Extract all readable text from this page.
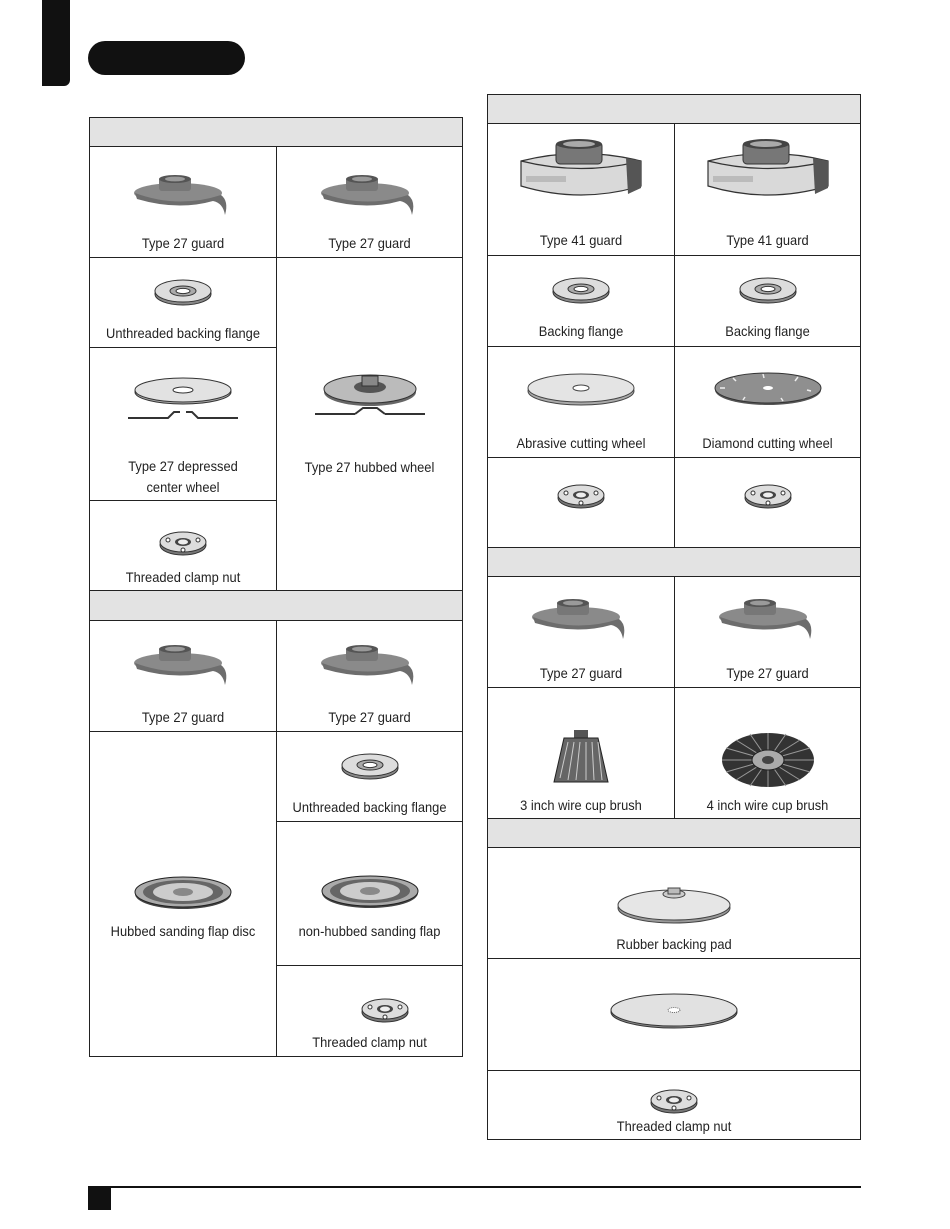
Type 27 guard	Type 27 guard
Unthreaded backing flange
Type 27 hubbed wheel
Type 27 depressed center wheel
Threaded clamp nut
Type 27 guard	Type 27 guard
Hubbed sanding flap disc
Unthreaded backing flange
non-hubbed sanding flap
Threaded clamp nut
Type 41 guard	Type 41 guard
Backing flange	Backing flange
Abrasive cutting wheel	Diamond cutting wheel
Type 27 guard	Type 27 guard
3 inch wire cup brush	4 inch wire cup brush
Rubber backing pad
Threaded clamp nut
